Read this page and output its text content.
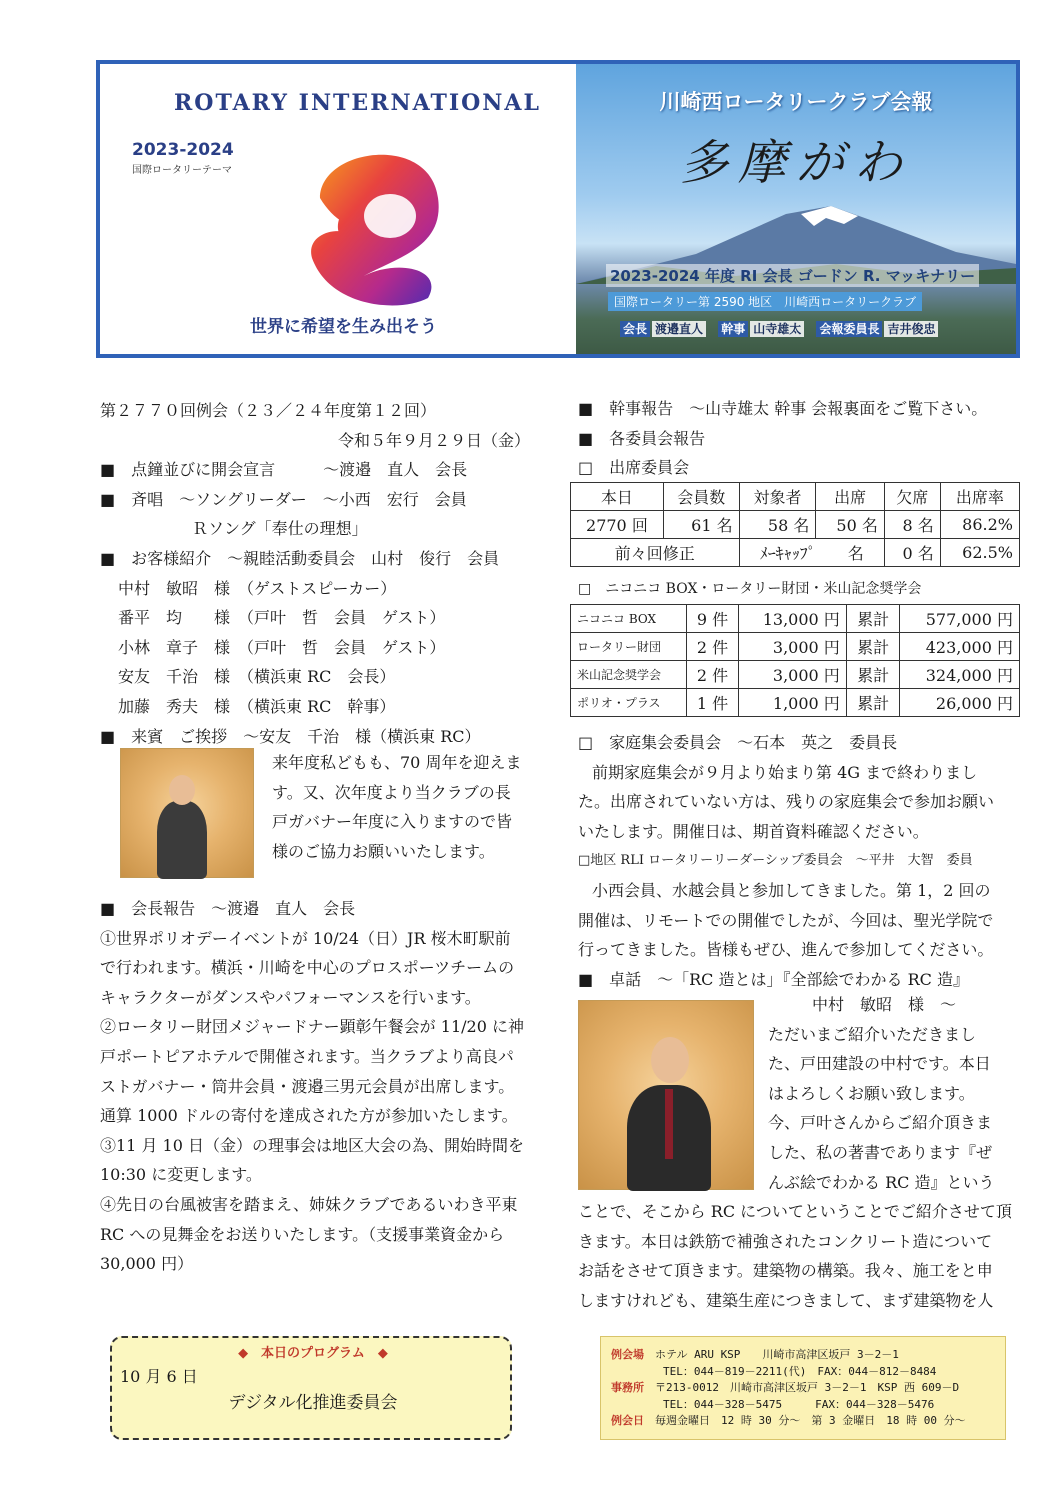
ROTARY INTERNATIONAL
2023-2024
国際ロータリーテーマ
世界に希望を生み出そう
川崎西ロータリークラブ会報
多摩がわ
2023-2024 年度 RI 会長 ゴードン R. マッキナリー
国際ロータリー第 2590 地区　川崎西ロータリークラブ
会長 渡邉直人 幹事 山寺雄太 会報委員長 吉井俊忠
第２７７０回例会（２３／２４年度第１２回）
令和５年９月２９日（金）
■　点鐘並びに開会宣言　　　～渡邉　直人　会長
■　斉唱　～ソングリーダー　～小西　宏行　会員
Ｒソング「奉仕の理想」
■　お客様紹介　～親睦活動委員会　山村　俊行　会員
中村　敏昭　様　（ゲストスピーカー）
番平　均　　様　（戸叶　哲　会員　ゲスト）
小林　章子　様　（戸叶　哲　会員　ゲスト）
安友　千治　様　（横浜東 RC　会長）
加藤　秀夫　様　（横浜東 RC　幹事）
■　来賓　ご挨拶　～安友　千治　様（横浜東 RC）
来年度私どもも、70 周年を迎えま
す。又、次年度より当クラブの長
戸ガバナー年度に入りますので皆
様のご協力お願いいたします。
■　会長報告　～渡邉　直人　会長
①世界ポリオデーイベントが 10/24（日）JR 桜木町駅前
で行われます。横浜・川崎を中心のプロスポーツチームの
キャラクターがダンスやパフォーマンスを行います。
②ロータリー財団メジャードナー顕彰午餐会が 11/20 に神
戸ポートピアホテルで開催されます。当クラブより高良パ
ストガバナー・筒井会員・渡邉三男元会員が出席します。
通算 1000 ドルの寄付を達成された方が参加いたします。
③11 月 10 日（金）の理事会は地区大会の為、開始時間を
10:30 に変更します。
④先日の台風被害を踏まえ、姉妹クラブであるいわき平東
RC への見舞金をお送りいたします。（支援事業資金から
30,000 円）
■　幹事報告　～山寺雄太 幹事 会報裏面をご覧下さい。
■　各委員会報告
□　出席委員会
本日	会員数	対象者	出席	欠席	出席率
2770 回	61 名	58 名	50 名	8 名	86.2%
前々回修正		ﾒｰｷｬｯﾌﾟ　　名		0 名	62.5%
□　ニコニコ BOX・ロータリー財団・米山記念奨学会
ニコニコ BOX	9 件	13,000 円	累計	577,000 円
ロータリー財団	2 件	3,000 円	累計	423,000 円
米山記念奨学会	2 件	3,000 円	累計	324,000 円
ポリオ・プラス	1 件	1,000 円	累計	26,000 円
□　家庭集会委員会　～石本　英之　委員長
前期家庭集会が９月より始まり第 4G まで終わりまし
た。出席されていない方は、残りの家庭集会で参加お願い
いたします。開催日は、期首資料確認ください。
□地区 RLI ロータリーリーダーシップ委員会　～平井　大智　委員
小西会員、水越会員と参加してきました。第 1，2 回の
開催は、リモートでの開催でしたが、今回は、聖光学院で
行ってきました。皆様もぜひ、進んで参加してください。
■　卓話　～「RC 造とは」『全部絵でわかる RC 造』
中村　敏昭　様　～
ただいまご紹介いただきまし
た、戸田建設の中村です。本日
はよろしくお願い致します。
今、戸叶さんからご紹介頂きま
した、私の著書であります『ぜ
んぶ絵でわかる RC 造』という
ことで、そこから RC についてということでご紹介させて頂
きます。本日は鉄筋で補強されたコンクリート造について
お話をさせて頂きます。建築物の構築。我々、施工をと申
しますけれども、建築生産につきまして、まず建築物を人
◆　本日のプログラム　◆
10 月 6 日
デジタル化推進委員会
例会場　 ホテル ARU KSP　　川崎市高津区坂戸 3－2－1
TEL：044－819－2211(代)　FAX：044－812－8484
事務所　 〒213-0012　川崎市高津区坂戸 3－2－1　KSP 西 609－D
TEL：044－328－5475　　　FAX：044－328－5476
例会日　 毎週金曜日　12 時 30 分～　第 3 金曜日　18 時 00 分～
